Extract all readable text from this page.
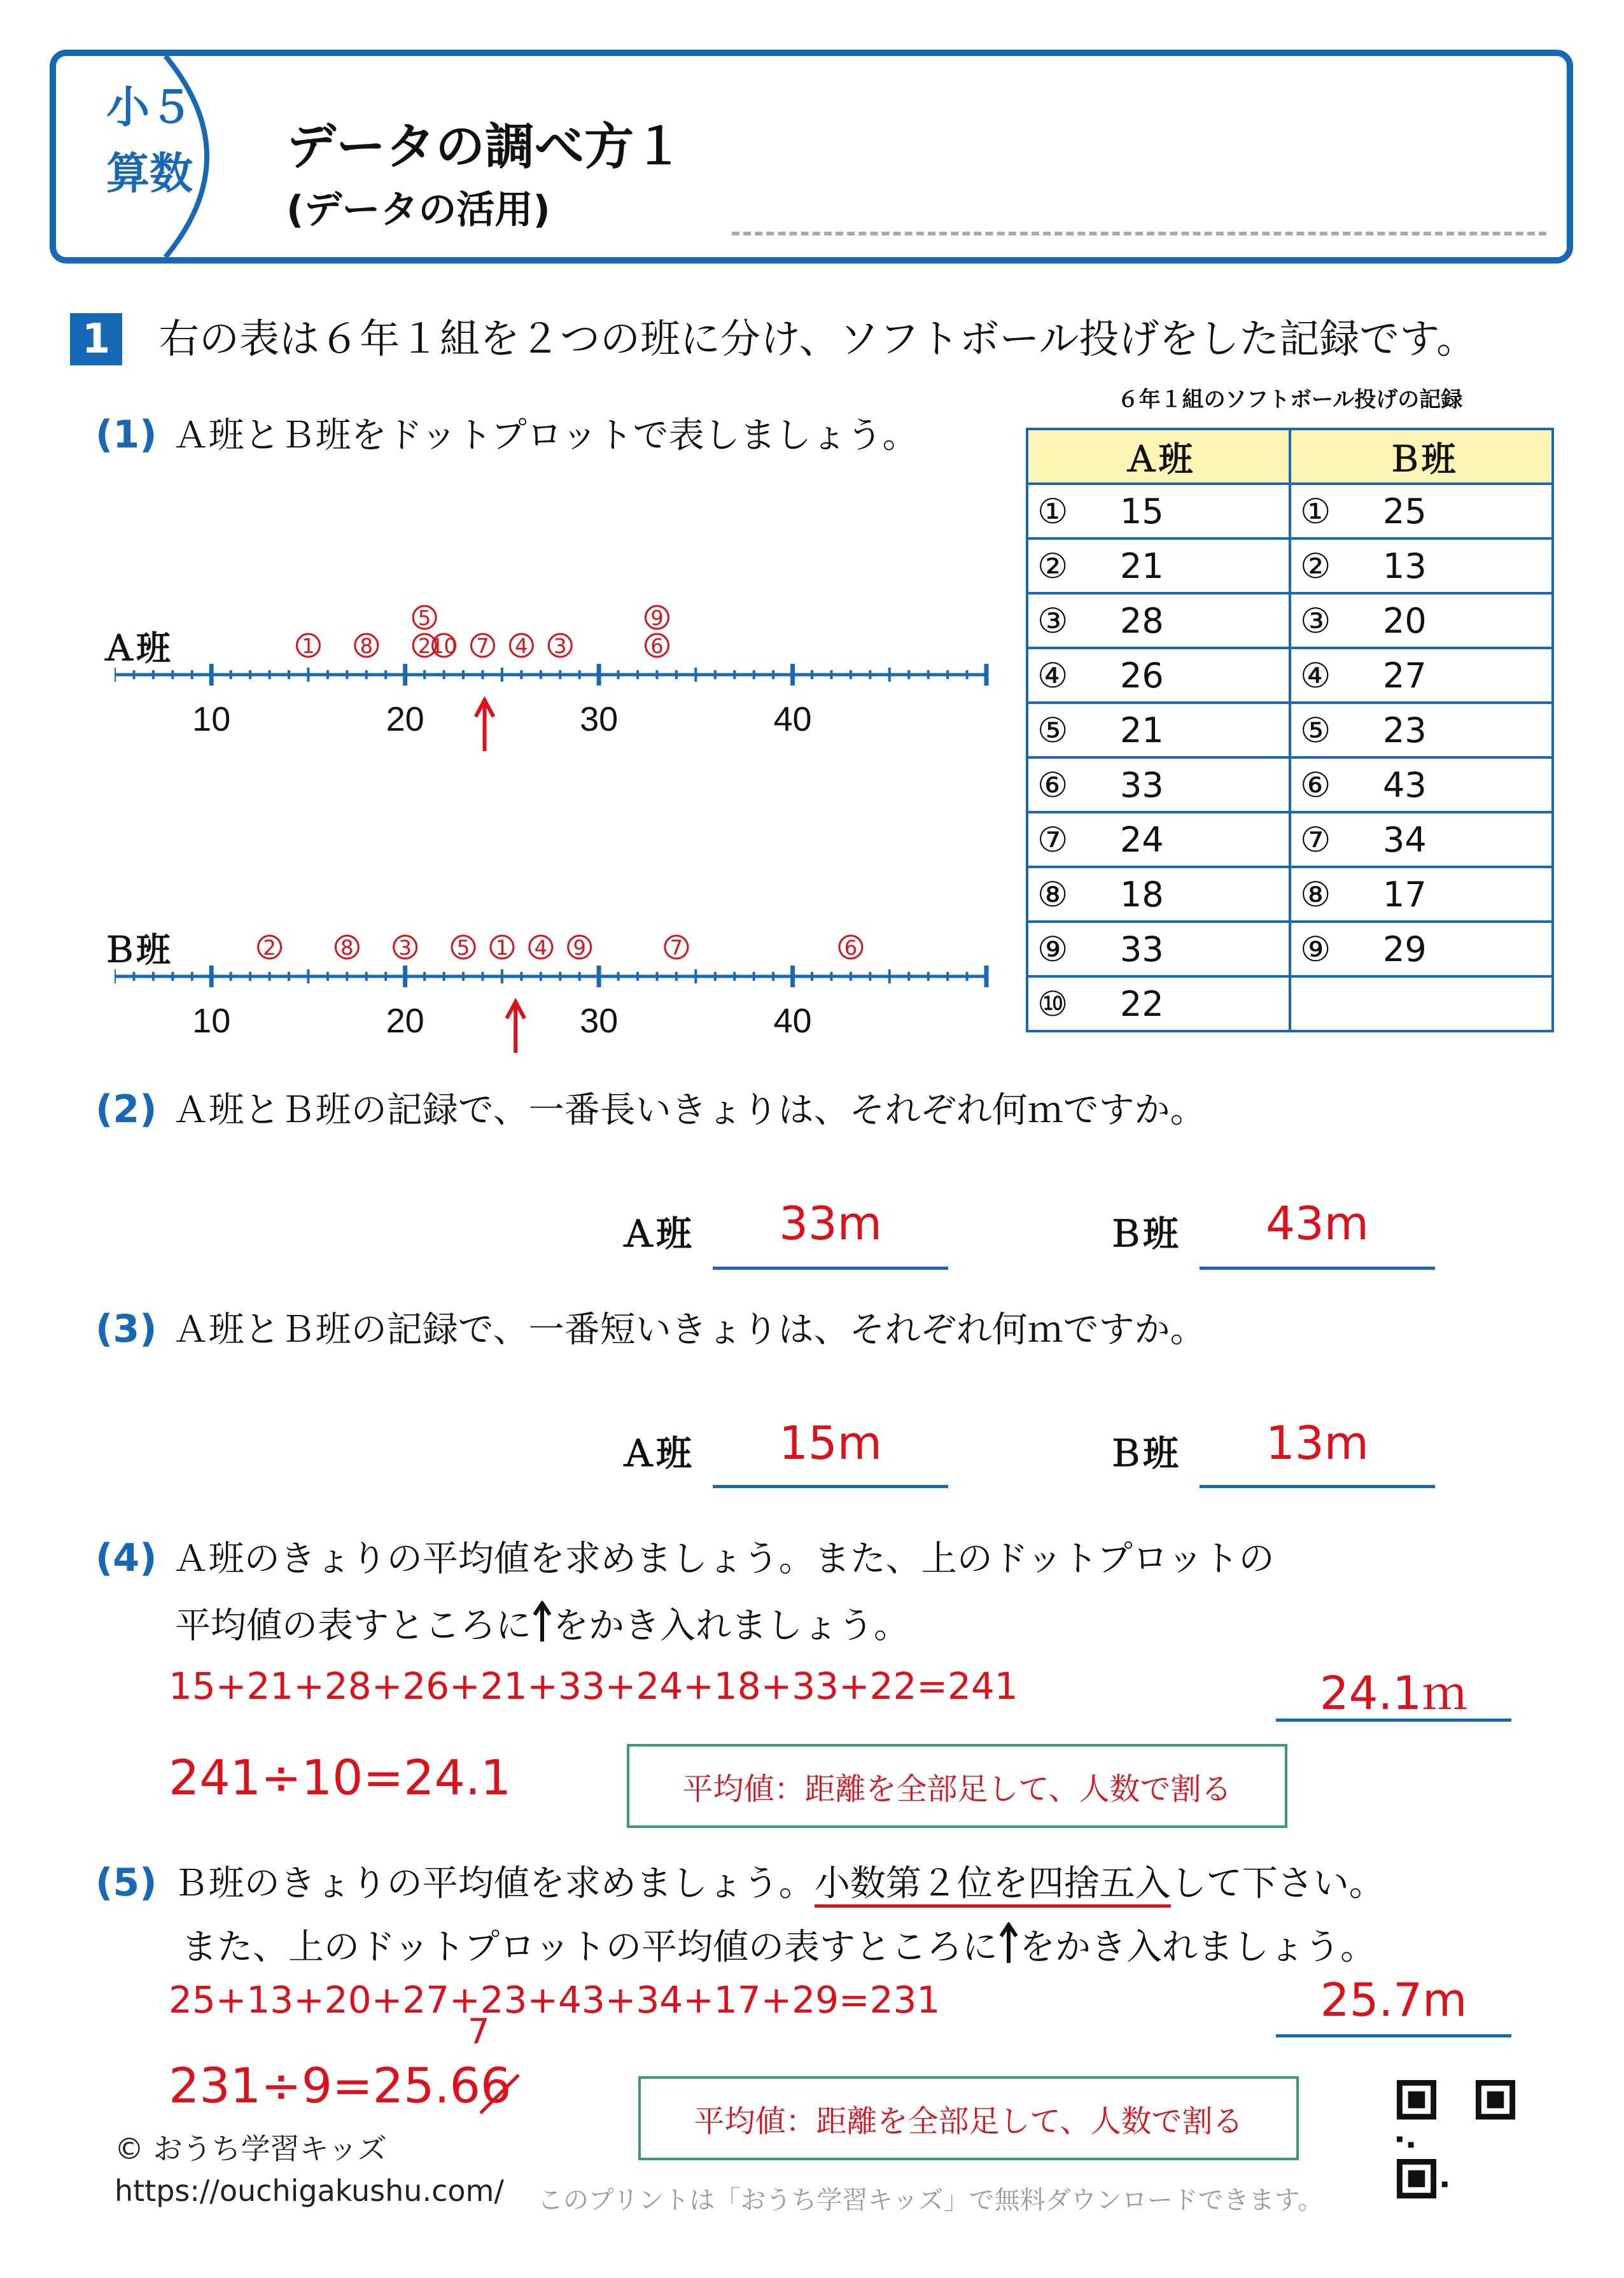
小５
算数	データの調べ方１
(データの活用)
1 右の表は６年１組を２つの班に分け、ソフトボール投げをした記録です。
６年１組のソフトボール投げの記録
Ａ班	Ｂ班
① 15	① 25
② 21	② 13
③ 28	③ 20
④ 26	④ 27
⑤ 21	⑤ 23
⑥ 33	⑥ 43
⑦ 24	⑦ 34
⑧ 18	⑧ 17
⑨ 33	⑨ 29
⑩ 22	
(1) Ａ班とＢ班をドットプロットで表しましょう。
Ａ班
10	20	30	40
1 8 2
5
10 7 4 3	6
9
Ｂ班
10	20	30	40
2	8 3 5 1 4 9	7	6
(2) Ａ班とＢ班の記録で、一番長いきょりは、それぞれ何ｍですか。
Ａ班	33m	Ｂ班	43m
(3) Ａ班とＢ班の記録で、一番短いきょりは、それぞれ何ｍですか。
Ａ班	15m	Ｂ班	13m
(4) Ａ班のきょりの平均値を求めましょう。また、上のドットプロットの
平均値の表すところに をかき入れましょう。
15+21+28+26+21+33+24+18+33+22=241	24.1ｍ
241÷10=24.1	平均値：距離を全部足して、人数で割る
(5) Ｂ班のきょりの平均値を求めましょう。小数第２位を四捨五入して下さい。
また、上のドットプロットの平均値の表すところに をかき入れましょう。
25+13+20+27+23+43+34+17+29=231	25.7m
231÷9=25.66
7
平均値：距離を全部足して、人数で割る
© おうち学習キッズ
https://ouchigakushu.com/ このプリントは「おうち学習キッズ」で無料ダウンロードできます。
